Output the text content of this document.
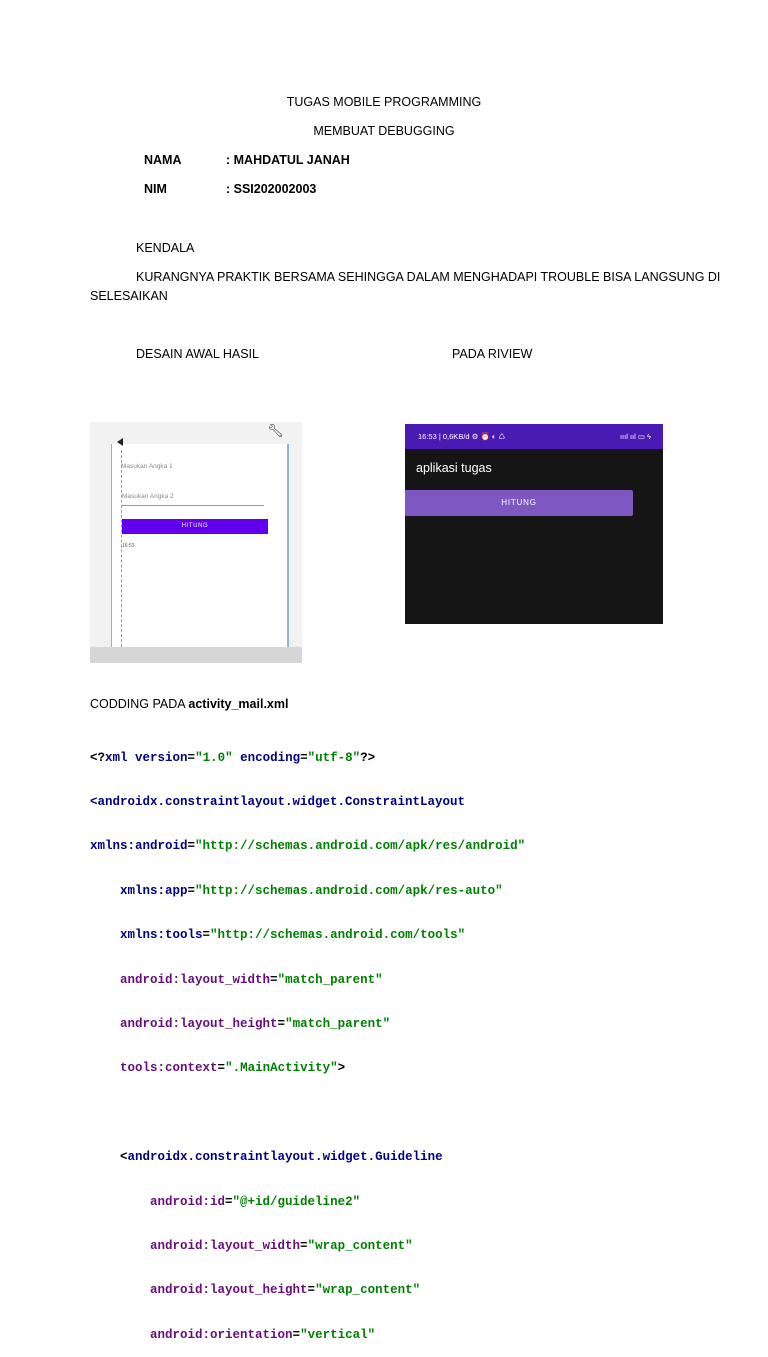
TUGAS MOBILE PROGRAMMING
MEMBUAT DEBUGGING
NAMA	: MAHDATUL JANAH
NIM	: SSI202002003
KENDALA
KURANGNYA PRAKTIK BERSAMA SEHINGGA DALAM MENGHADAPI TROUBLE BISA LANGSUNG DI
SELESAIKAN
DESAIN AWAL HASIL	PADA RIVIEW
🔧︎
Masukan Angka 1
Masukan Angka 2
HITUNG
16:53
16:53 | 0,6KB/d ⚙ ⏰ ◐ ♺	ıııl ııl ▭ ϟ
aplikasi tugas
HITUNG
CODDING PADA activity_mail.xml

<?xml version="1.0" encoding="utf-8"?>

<androidx.constraintlayout.widget.ConstraintLayout

xmlns:android="http://schemas.android.com/apk/res/android"

xmlns:app="http://schemas.android.com/apk/res-auto"

xmlns:tools="http://schemas.android.com/tools"

android:layout_width="match_parent"

android:layout_height="match_parent"

tools:context=".MainActivity">

<androidx.constraintlayout.widget.Guideline

android:id="@+id/guideline2"

android:layout_width="wrap_content"

android:layout_height="wrap_content"

android:orientation="vertical"
